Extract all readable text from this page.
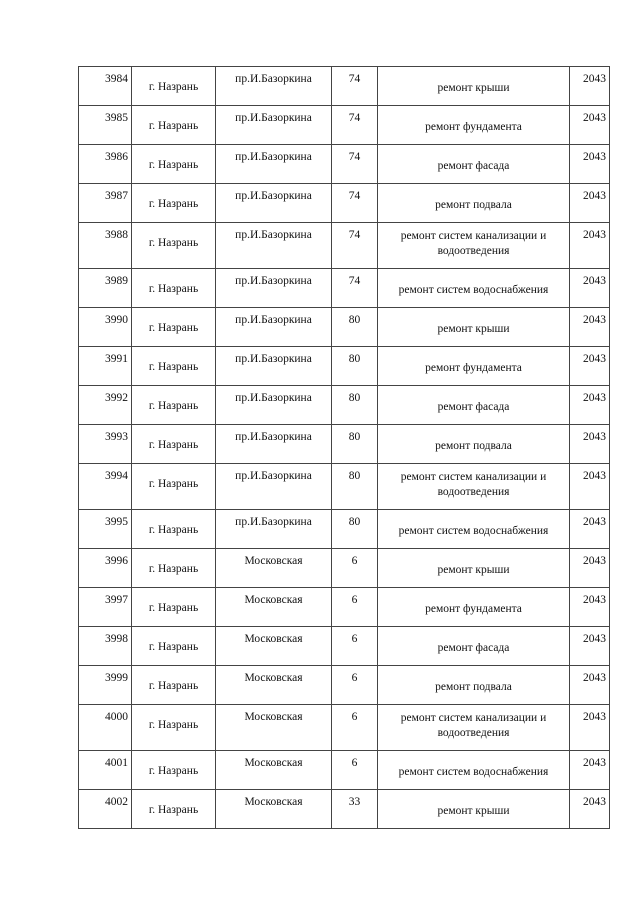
3984	г. Назрань	пр.И.Базоркина	74	ремонт крыши	2043
3985	г. Назрань	пр.И.Базоркина	74	ремонт фундамента	2043
3986	г. Назрань	пр.И.Базоркина	74	ремонт фасада	2043
3987	г. Назрань	пр.И.Базоркина	74	ремонт подвала	2043
3988	г. Назрань	пр.И.Базоркина	74	ремонт систем канализации и водоотведения	2043
3989	г. Назрань	пр.И.Базоркина	74	ремонт систем водоснабжения	2043
3990	г. Назрань	пр.И.Базоркина	80	ремонт крыши	2043
3991	г. Назрань	пр.И.Базоркина	80	ремонт фундамента	2043
3992	г. Назрань	пр.И.Базоркина	80	ремонт фасада	2043
3993	г. Назрань	пр.И.Базоркина	80	ремонт подвала	2043
3994	г. Назрань	пр.И.Базоркина	80	ремонт систем канализации и водоотведения	2043
3995	г. Назрань	пр.И.Базоркина	80	ремонт систем водоснабжения	2043
3996	г. Назрань	Московская	6	ремонт крыши	2043
3997	г. Назрань	Московская	6	ремонт фундамента	2043
3998	г. Назрань	Московская	6	ремонт фасада	2043
3999	г. Назрань	Московская	6	ремонт подвала	2043
4000	г. Назрань	Московская	6	ремонт систем канализации и водоотведения	2043
4001	г. Назрань	Московская	6	ремонт систем водоснабжения	2043
4002	г. Назрань	Московская	33	ремонт крыши	2043
